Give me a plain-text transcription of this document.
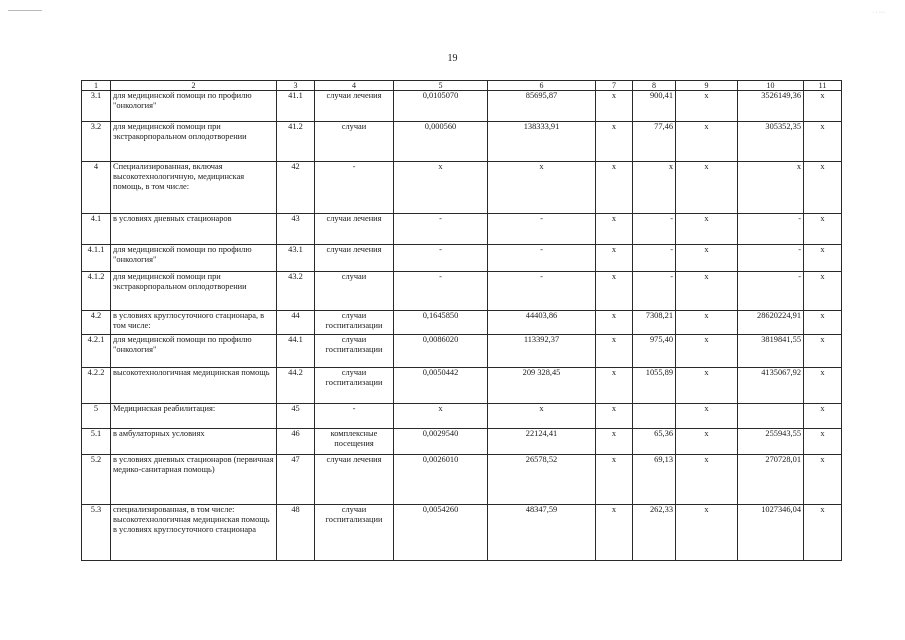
· · ···
19
1	2	3	4	5	6	7	8	9	10	11
3.1	для медицинской помощи по профилю "онкология"	41.1	случаи лечения	0,0105070	85695,87	х	900,41	х	3526149,36	х
3.2	для медицинской помощи при экстракорпоральном оплодотворении	41.2	случаи	0,000560	138333,91	х	77,46	х	305352,35	х
4	Специализированная, включая высокотехнологичную, медицинская помощь, в том числе:	42	-	х	х	х	х	х	х	х
4.1	в условиях дневных стационаров	43	случаи лечения	-	-	х	-	х	-	х
4.1.1	для медицинской помощи по профилю "онкология"	43.1	случаи лечения	-	-	х	-	х	-	х
4.1.2	для медицинской помощи при экстракорпоральном оплодотворении	43.2	случаи	-	-	х	-	х	-	х
4.2	в условиях круглосуточного стационара, в том числе:	44	случаи госпитализации	0,1645850	44403,86	х	7308,21	х	28620224,91	х
4.2.1	для медицинской помощи по профилю "онкология"	44.1	случаи госпитализации	0,0086020	113392,37	х	975,40	х	3819841,55	х
4.2.2	высокотехнологичная медицинская помощь	44.2	случаи госпитализации	0,0050442	209 328,45	х	1055,89	х	4135067,92	х
5	Медицинская реабилитация:	45	-	х	х	х		х		х
5.1	в амбулаторных условиях	46	комплексные посещения	0,0029540	22124,41	х	65,36	х	255943,55	х
5.2	в условиях дневных стационаров (первичная медико-санитарная помощь)	47	случаи лечения	0,0026010	26578,52	х	69,13	х	270728,01	х
5.3	специализированная, в том числе: высокотехнологичная медицинская помощь в условиях круглосуточного стационара	48	случаи госпитализации	0,0054260	48347,59	х	262,33	х	1027346,04	х
